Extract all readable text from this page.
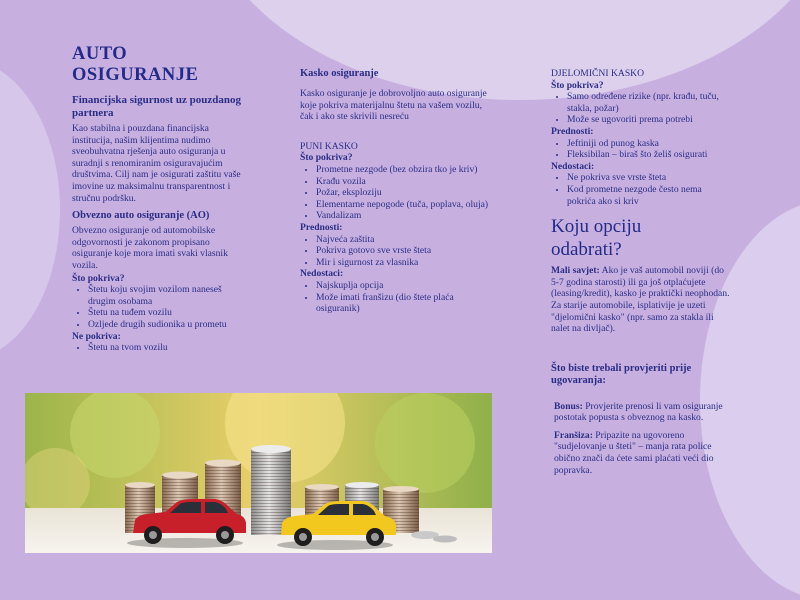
AUTO
OSIGURANJE
Financijska sigurnost uz pouzdanog partnera

Kao stabilna i pouzdana financijska institucija, našim klijentima nudimo sveobuhvatna rješenja auto osiguranja u suradnji s renomiranim osiguravajućim društvima. Cilj nam je osigurati zaštitu vaše imovine uz maksimalnu transparentnost i stručnu podršku.

Obvezno auto osiguranje (AO)

Obvezno osiguranje od automobilske odgovornosti je zakonom propisano osiguranje koje mora imati svaki vlasnik vozila.

Što pokriva?
• Štetu koju svojim vozilom naneseš drugim osobama
• Štetu na tuđem vozilu
• Ozljede drugih sudionika u prometu
Ne pokriva:
• Štetu na tvom vozilu
Kasko osiguranje

Kasko osiguranje je dobrovoljno auto osiguranje koje pokriva materijalnu štetu na vašem vozilu, čak i ako ste skrivili nesreću

PUNI KASKO
Što pokriva?
• Prometne nezgode (bez obzira tko je kriv)
• Krađu vozila
• Požar, eksploziju
• Elementarne nepogode (tuča, poplava, oluja)
• Vandalizam
Prednosti:
• Najveća zaštita
• Pokriva gotovo sve vrste šteta
• Mir i sigurnost za vlasnika
Nedostaci:
• Najskuplja opcija
• Može imati franšizu (dio štete plaća osiguranik)
DJELOMIČNI KASKO
Što pokriva?
• Samo određene rizike (npr. krađu, tuču, stakla, požar)
• Može se ugovoriti prema potrebi
Prednosti:
• Jeftiniji od punog kaska
• Fleksibilan – biraš što želiš osigurati
Nedostaci:
• Ne pokriva sve vrste šteta
• Kod prometne nezgode često nema pokrića ako si kriv
Koju opciju
odabrati?

Mali savjet: Ako je vaš automobil noviji (do 5-7 godina starosti) ili ga još otplaćujete (leasing/kredit), kasko je praktički neophodan. Za starije automobile, isplativije je uzeti "djelomični kasko" (npr. samo za stakla ili nalet na divljač).

Što biste trebali provjeriti prije ugovaranja:

Bonus: Provjerite prenosi li vam osiguranje postotak popusta s obveznog na kasko.

Franšiza: Pripazite na ugovoreno "sudjelovanje u šteti" – manja rata police obično znači da ćete sami plaćati veći dio popravka.
